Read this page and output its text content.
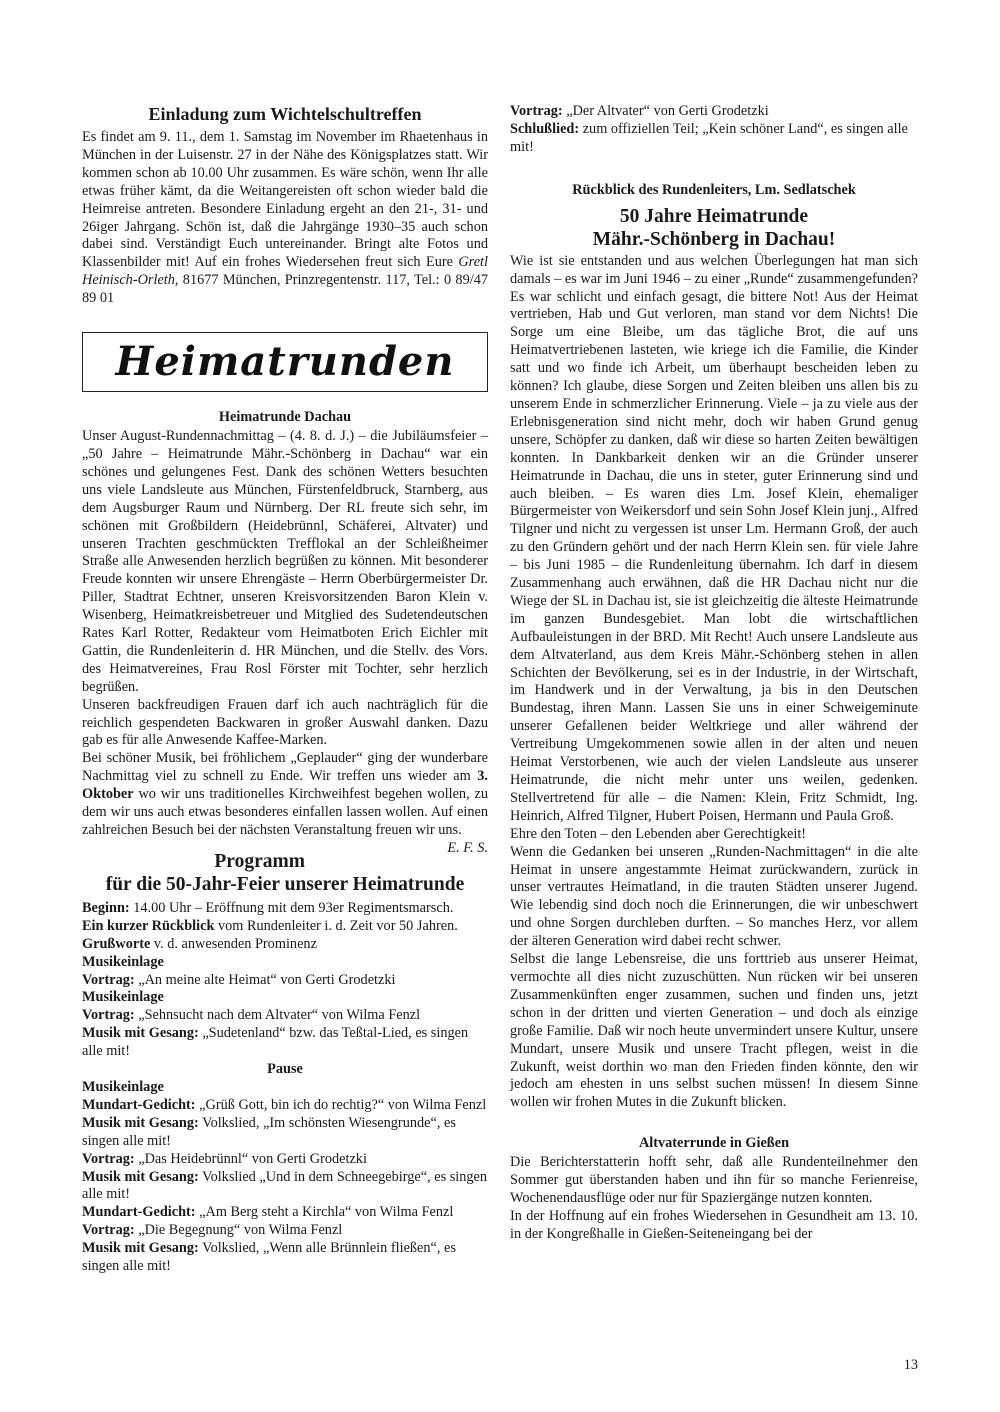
Einladung zum Wichtelschultreffen

Es findet am 9. 11., dem 1. Samstag im November im Rhaetenhaus in München in der Luisenstr. 27 in der Nähe des Königsplatzes statt. Wir kommen schon ab 10.00 Uhr zusammen. Es wäre schön, wenn Ihr alle etwas früher kämt, da die Weitangereisten oft schon wieder bald die Heimreise antreten. Besondere Einladung ergeht an den 21-, 31- und 26iger Jahrgang. Schön ist, daß die Jahrgänge 1930–35 auch schon dabei sind. Verständigt Euch untereinander. Bringt alte Fotos und Klassenbilder mit! Auf ein frohes Wiedersehen freut sich Eure Gretl Heinisch-Orleth, 81677 München, Prinzregentenstr. 117, Tel.: 0 89/47 89 01

Heimatrunden
Heimatrunde Dachau

Unser August-Rundennachmittag – (4. 8. d. J.) – die Jubiläumsfeier – „50 Jahre – Heimatrunde Mähr.-Schönberg in Dachau“ war ein schönes und gelungenes Fest. Dank des schönen Wetters besuchten uns viele Landsleute aus München, Fürstenfeldbruck, Starnberg, aus dem Augsburger Raum und Nürnberg. Der RL freute sich sehr, im schönen mit Großbildern (Heidebrünnl, Schäferei, Altvater) und unseren Trachten geschmückten Trefflokal an der Schleißheimer Straße alle Anwesenden herzlich begrüßen zu können. Mit besonderer Freude konnten wir unsere Ehrengäste – Herrn Oberbürgermeister Dr. Piller, Stadtrat Echtner, unseren Kreisvorsitzenden Baron Klein v. Wisenberg, Heimatkreisbetreuer und Mitglied des Sudetendeutschen Rates Karl Rotter, Redakteur vom Heimatboten Erich Eichler mit Gattin, die Rundenleiterin d. HR München, und die Stellv. des Vors. des Heimatvereines, Frau Rosl Förster mit Tochter, sehr herzlich begrüßen.

Unseren backfreudigen Frauen darf ich auch nachträglich für die reichlich gespendeten Backwaren in großer Auswahl danken. Dazu gab es für alle Anwesende Kaffee-Marken.

Bei schöner Musik, bei fröhlichem „Geplauder“ ging der wunderbare Nachmittag viel zu schnell zu Ende. Wir treffen uns wieder am 3. Oktober wo wir uns traditionelles Kirchweihfest begehen wollen, zu dem wir uns auch etwas besonderes einfallen lassen wollen. Auf einen zahlreichen Besuch bei der nächsten Veranstaltung freuen wir uns.
E. F. S.

Programm
für die 50-Jahr-Feier unserer Heimatrunde

Beginn: 14.00 Uhr – Eröffnung mit dem 93er Regimentsmarsch.

Ein kurzer Rückblick vom Rundenleiter i. d. Zeit vor 50 Jahren.

Grußworte v. d. anwesenden Prominenz

Musikeinlage

Vortrag: „An meine alte Heimat“ von Gerti Grodetzki

Musikeinlage

Vortrag: „Sehnsucht nach dem Altvater“ von Wilma Fenzl

Musik mit Gesang: „Sudetenland“ bzw. das Teßtal-Lied, es singen alle mit!

Pause

Musikeinlage

Mundart-Gedicht: „Grüß Gott, bin ich do rechtig?“ von Wilma Fenzl

Musik mit Gesang: Volkslied, „Im schönsten Wiesengrunde“, es singen alle mit!

Vortrag: „Das Heidebrünnl“ von Gerti Grodetzki

Musik mit Gesang: Volkslied „Und in dem Schneegebirge“, es singen alle mit!

Mundart-Gedicht: „Am Berg steht a Kirchla“ von Wilma Fenzl

Vortrag: „Die Begegnung“ von Wilma Fenzl

Musik mit Gesang: Volkslied, „Wenn alle Brünnlein fließen“, es singen alle mit!

Vortrag: „Der Altvater“ von Gerti Grodetzki

Schlußlied: zum offiziellen Teil; „Kein schöner Land“, es singen alle mit!

Rückblick des Rundenleiters, Lm. Sedlatschek
50 Jahre Heimatrunde
Mähr.-Schönberg in Dachau!

Wie ist sie entstanden und aus welchen Überlegungen hat man sich damals – es war im Juni 1946 – zu einer „Runde“ zusammengefunden? Es war schlicht und einfach gesagt, die bittere Not! Aus der Heimat vertrieben, Hab und Gut verloren, man stand vor dem Nichts! Die Sorge um eine Bleibe, um das tägliche Brot, die auf uns Heimatvertriebenen lasteten, wie kriege ich die Familie, die Kinder satt und wo finde ich Arbeit, um überhaupt bescheiden leben zu können? Ich glaube, diese Sorgen und Zeiten bleiben uns allen bis zu unserem Ende in schmerzlicher Erinnerung. Viele – ja zu viele aus der Erlebnisgeneration sind nicht mehr, doch wir haben Grund genug unsere, Schöpfer zu danken, daß wir diese so harten Zeiten bewältigen konnten. In Dankbarkeit denken wir an die Gründer unserer Heimatrunde in Dachau, die uns in steter, guter Erinnerung sind und auch bleiben. – Es waren dies Lm. Josef Klein, ehemaliger Bürgermeister von Weikersdorf und sein Sohn Josef Klein junj., Alfred Tilgner und nicht zu vergessen ist unser Lm. Hermann Groß, der auch zu den Gründern gehört und der nach Herrn Klein sen. für viele Jahre – bis Juni 1985 – die Rundenleitung übernahm. Ich darf in diesem Zusammenhang auch erwähnen, daß die HR Dachau nicht nur die Wiege der SL in Dachau ist, sie ist gleichzeitig die älteste Heimatrunde im ganzen Bundesgebiet. Man lobt die wirtschaftlichen Aufbauleistungen in der BRD. Mit Recht! Auch unsere Landsleute aus dem Altvaterland, aus dem Kreis Mähr.-Schönberg stehen in allen Schichten der Bevölkerung, sei es in der Industrie, in der Wirtschaft, im Handwerk und in der Verwaltung, ja bis in den Deutschen Bundestag, ihren Mann. Lassen Sie uns in einer Schweigeminute unserer Gefallenen beider Weltkriege und aller während der Vertreibung Umgekommenen sowie allen in der alten und neuen Heimat Verstorbenen, wie auch der vielen Landsleute aus unserer Heimatrunde, die nicht mehr unter uns weilen, gedenken. Stellvertretend für alle – die Namen: Klein, Fritz Schmidt, Ing. Heinrich, Alfred Tilgner, Hubert Poisen, Hermann und Paula Groß.

Ehre den Toten – den Lebenden aber Gerechtigkeit!

Wenn die Gedanken bei unseren „Runden-Nachmittagen“ in die alte Heimat in unsere angestammte Heimat zurückwandern, zurück in unser vertrautes Heimatland, in die trauten Städten unserer Jugend. Wie lebendig sind doch noch die Erinnerungen, die wir unbeschwert und ohne Sorgen durchleben durften. – So manches Herz, vor allem der älteren Generation wird dabei recht schwer.

Selbst die lange Lebensreise, die uns forttrieb aus unserer Heimat, vermochte all dies nicht zuzuschütten. Nun rücken wir bei unseren Zusammenkünften enger zusammen, suchen und finden uns, jetzt schon in der dritten und vierten Generation – und doch als einzige große Familie. Daß wir noch heute unvermindert unsere Kultur, unsere Mundart, unsere Musik und unsere Tracht pflegen, weist in die Zukunft, weist dorthin wo man den Frieden finden könnte, den wir jedoch am ehesten in uns selbst suchen müssen! In diesem Sinne wollen wir frohen Mutes in die Zukunft blicken.

Altvaterrunde in Gießen

Die Berichterstatterin hofft sehr, daß alle Rundenteilnehmer den Sommer gut überstanden haben und ihn für so manche Ferienreise, Wochenendausflüge oder nur für Spaziergänge nutzen konnten.

In der Hoffnung auf ein frohes Wiedersehen in Gesundheit am 13. 10. in der Kongreßhalle in Gießen-Seiteneingang bei der

13
